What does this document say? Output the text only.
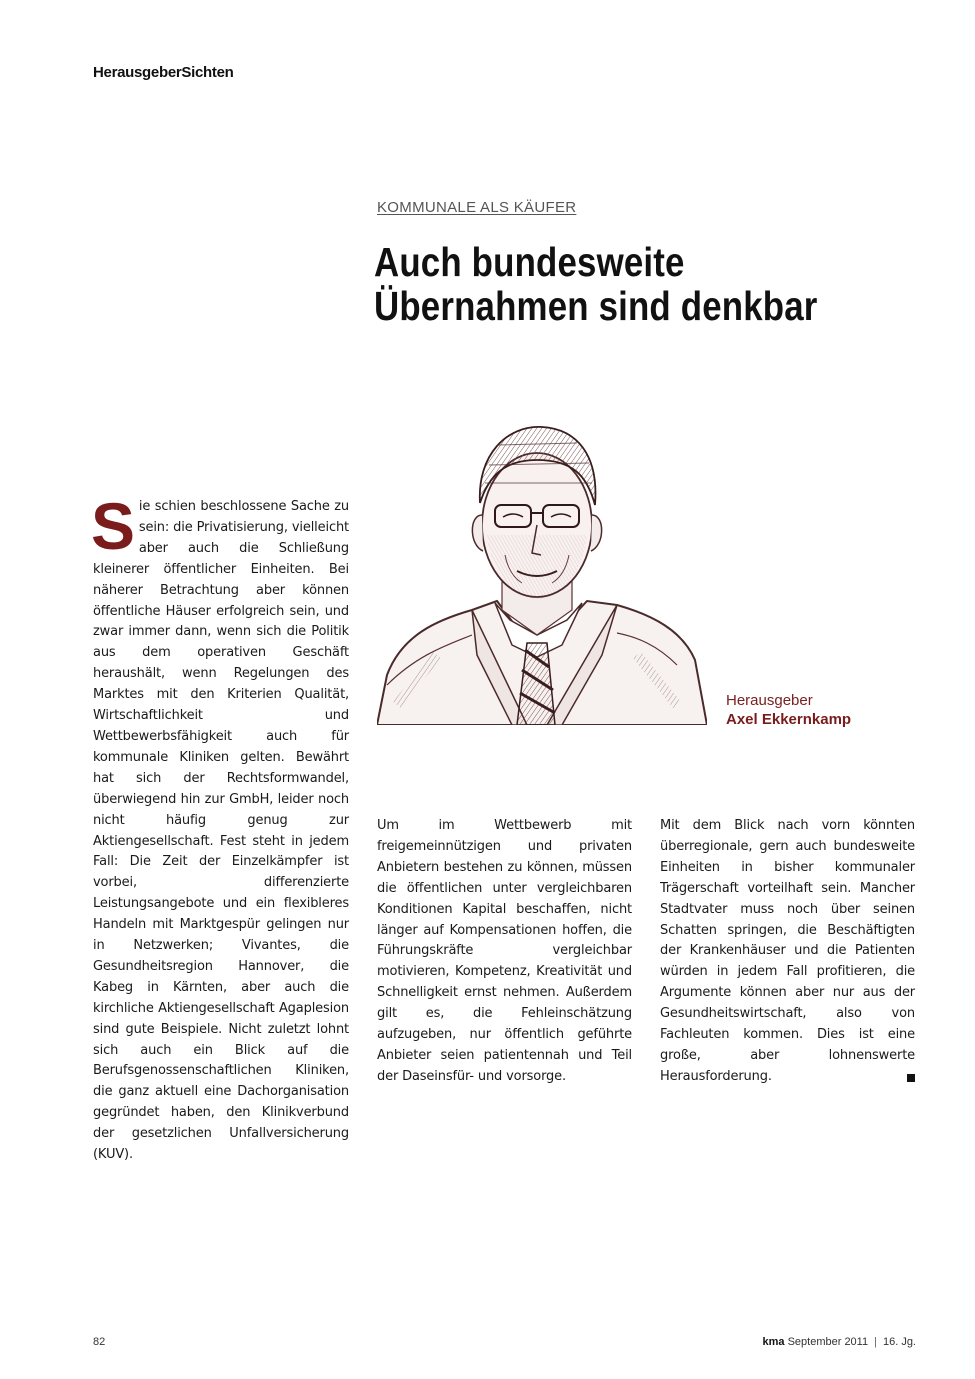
HerausgeberSichten
KOMMUNALE ALS KÄUFER
Auch bundesweite
Übernahmen sind denkbar
Herausgeber
Axel Ekkernkamp
Sie schien beschlossene Sache zu sein: die Privatisierung, vielleicht aber auch die Schließung kleinerer öffentlicher Einheiten. Bei näherer Betrachtung aber können öffentliche Häuser erfolgreich sein, und zwar immer dann, wenn sich die Politik aus dem operativen Geschäft heraushält, wenn Regelungen des Marktes mit den Kriterien Qualität, Wirtschaftlichkeit und Wettbewerbsfähigkeit auch für kommunale Kliniken gelten. Bewährt hat sich der Rechtsformwandel, überwiegend hin zur GmbH, leider noch nicht häufig genug zur Aktiengesellschaft. Fest steht in jedem Fall: Die Zeit der Einzelkämpfer ist vorbei, differenzierte Leistungsangebote und ein flexibleres Handeln mit Marktgespür gelingen nur in Netzwerken; Vivantes, die Gesundheitsregion Hannover, die Kabeg in Kärnten, aber auch die kirchliche Aktiengesellschaft Agaplesion sind gute Beispiele. Nicht zuletzt lohnt sich auch ein Blick auf die Berufsgenossenschaftlichen Kliniken, die ganz aktuell eine Dachorganisation gegründet haben, den Klinikverbund der gesetzlichen Unfallversicherung (KUV).
Um im Wettbewerb mit freigemeinnützigen und privaten Anbietern bestehen zu können, müssen die öffentlichen unter vergleichbaren Konditionen Kapital beschaffen, nicht länger auf Kompensationen hoffen, die Führungskräfte vergleichbar motivieren, Kompetenz, Kreativität und Schnelligkeit ernst nehmen. Außerdem gilt es, die Fehleinschätzung aufzugeben, nur öffentlich geführte Anbieter seien patientennah und Teil der Daseinsfür- und vorsorge.
Mit dem Blick nach vorn könnten überregionale, gern auch bundesweite Einheiten in bisher kommunaler Trägerschaft vorteilhaft sein. Mancher Stadtvater muss noch über seinen Schatten springen, die Beschäftigten der Krankenhäuser und die Patienten würden in jedem Fall profitieren, die Argumente können aber nur aus der Gesundheitswirtschaft, also von Fachleuten kommen. Dies ist eine große, aber lohnenswerte Herausforderung.
82	kma September 2011 | 16. Jg.
